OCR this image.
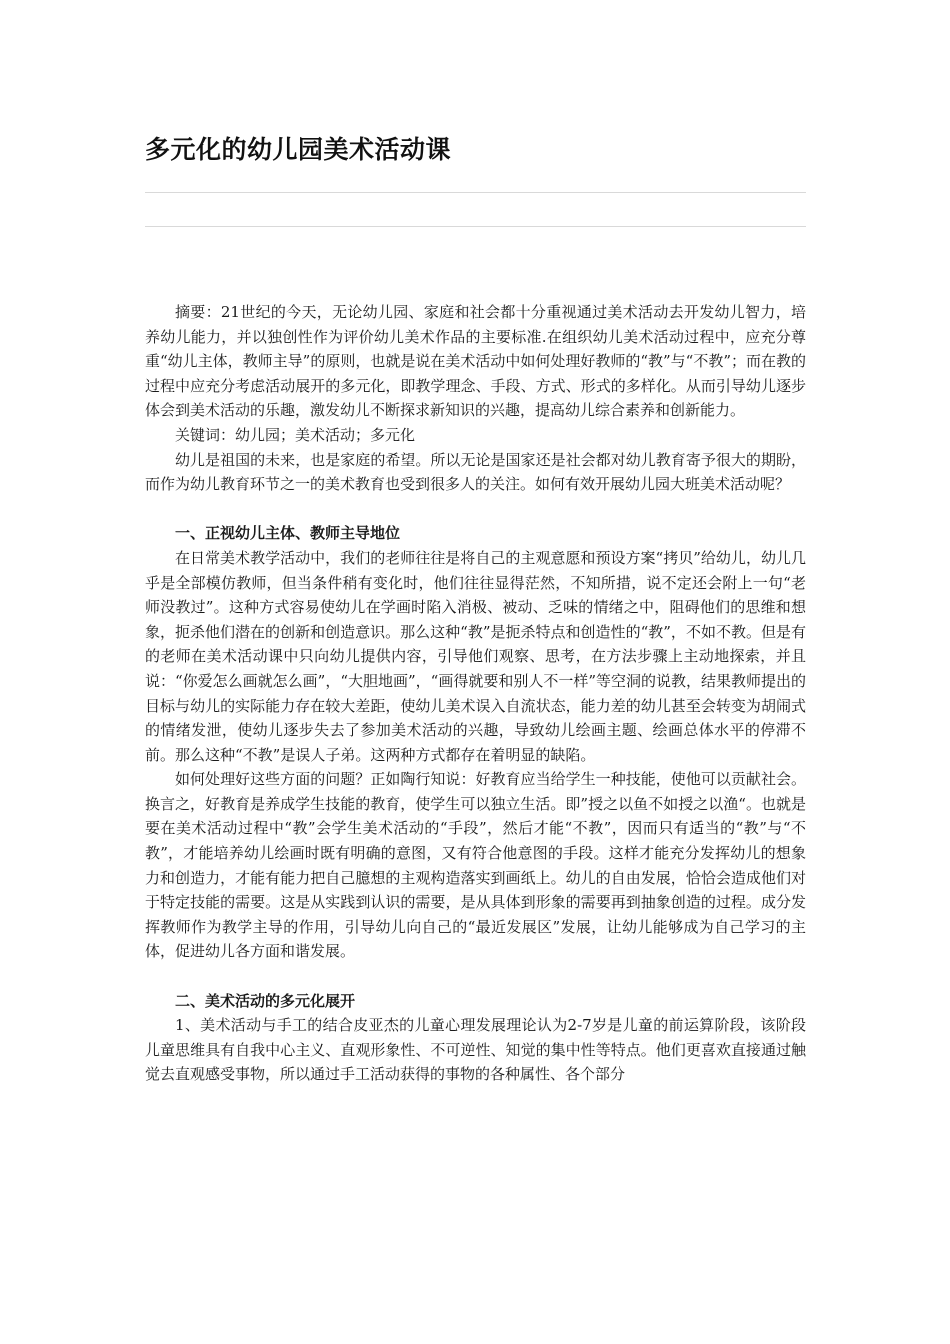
多元化的幼儿园美术活动课

摘要：21世纪的今天，无论幼儿园、家庭和社会都十分重视通过美术活动去开发幼儿智力，培养幼儿能力，并以独创性作为评价幼儿美术作品的主要标准.在组织幼儿美术活动过程中，应充分尊重“幼儿主体，教师主导”的原则，也就是说在美术活动中如何处理好教师的“教”与“不教”；而在教的过程中应充分考虑活动展开的多元化，即教学理念、手段、方式、形式的多样化。从而引导幼儿逐步体会到美术活动的乐趣，激发幼儿不断探求新知识的兴趣，提高幼儿综合素养和创新能力。

关键词：幼儿园；美术活动；多元化

幼儿是祖国的未来，也是家庭的希望。所以无论是国家还是社会都对幼儿教育寄予很大的期盼，而作为幼儿教育环节之一的美术教育也受到很多人的关注。如何有效开展幼儿园大班美术活动呢？

一、正视幼儿主体、教师主导地位

在日常美术教学活动中，我们的老师往往是将自己的主观意愿和预设方案“拷贝”给幼儿，幼儿几乎是全部模仿教师，但当条件稍有变化时，他们往往显得茫然，不知所措，说不定还会附上一句“老师没教过”。这种方式容易使幼儿在学画时陷入消极、被动、乏味的情绪之中，阻碍他们的思维和想象，扼杀他们潜在的创新和创造意识。那么这种“教”是扼杀特点和创造性的“教”，不如不教。但是有的老师在美术活动课中只向幼儿提供内容，引导他们观察、思考，在方法步骤上主动地探索，并且说：“你爱怎么画就怎么画”，“大胆地画”，“画得就要和别人不一样”等空洞的说教，结果教师提出的目标与幼儿的实际能力存在较大差距，使幼儿美术误入自流状态，能力差的幼儿甚至会转变为胡闹式的情绪发泄，使幼儿逐步失去了参加美术活动的兴趣，导致幼儿绘画主题、绘画总体水平的停滞不前。那么这种“不教”是误人子弟。这两种方式都存在着明显的缺陷。

如何处理好这些方面的问题？正如陶行知说：好教育应当给学生一种技能，使他可以贡献社会。换言之，好教育是养成学生技能的教育，使学生可以独立生活。即”授之以鱼不如授之以渔“。也就是要在美术活动过程中“教”会学生美术活动的“手段”，然后才能“不教”，因而只有适当的“教”与“不教”，才能培养幼儿绘画时既有明确的意图，又有符合他意图的手段。这样才能充分发挥幼儿的想象力和创造力，才能有能力把自己臆想的主观构造落实到画纸上。幼儿的自由发展，恰恰会造成他们对于特定技能的需要。这是从实践到认识的需要，是从具体到形象的需要再到抽象创造的过程。成分发挥教师作为教学主导的作用，引导幼儿向自己的“最近发展区”发展，让幼儿能够成为自己学习的主体，促进幼儿各方面和谐发展。

二、美术活动的多元化展开

1、美术活动与手工的结合皮亚杰的儿童心理发展理论认为2-7岁是儿童的前运算阶段，该阶段儿童思维具有自我中心主义、直观形象性、不可逆性、知觉的集中性等特点。他们更喜欢直接通过触觉去直观感受事物，所以通过手工活动获得的事物的各种属性、各个部分
